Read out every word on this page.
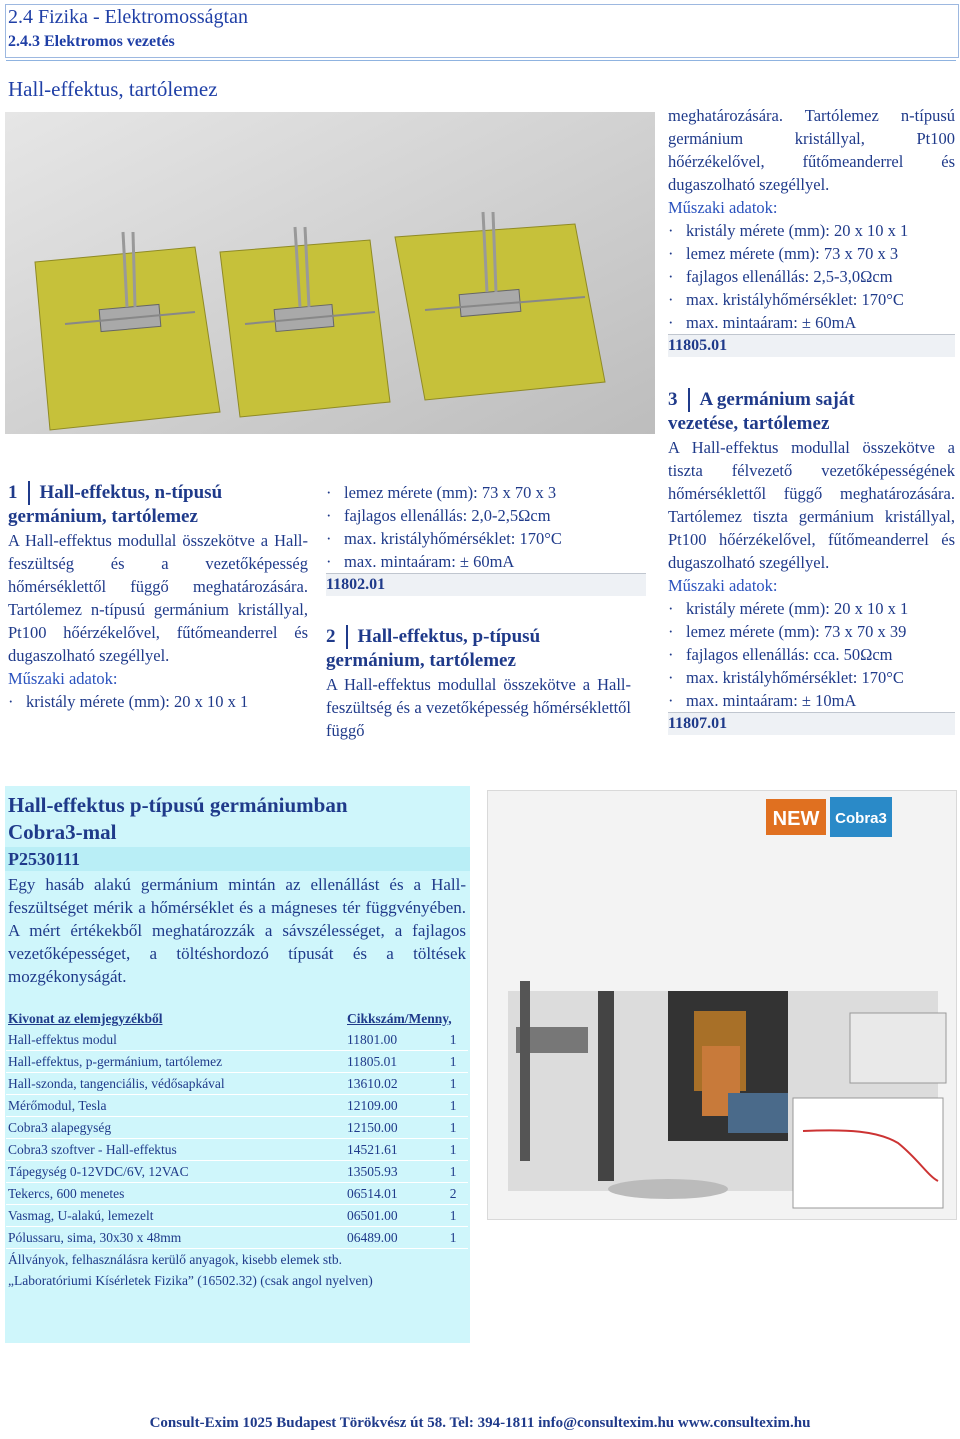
2.4 Fizika - Elektromosságtan
2.4.3 Elektromos vezetés
Hall-effektus, tartólemez
1 Hall-effektus, n-típusú
germánium, tartólemez

A Hall-effektus modullal összekötve a Hall-feszültség és a vezetőképesség hőmérséklettől függő meghatározására. Tartólemez n-típusú germánium kristállyal, Pt100 hőérzékelővel, fűtőmeanderrel és dugaszolható szegéllyel.

Műszaki adatok:

· kristály mérete (mm): 20 x 10 x 1

· lemez mérete (mm): 73 x 70 x 3

· fajlagos ellenállás: 2,0-2,5Ωcm

· max. kristályhőmérséklet: 170°C

· max. mintaáram: ± 60mA

11802.01
2 Hall-effektus, p-típusú
germánium, tartólemez

A Hall-effektus modullal összekötve a Hall-feszültség és a vezetőképesség hőmérséklettől függő

meghatározására. Tartólemez n-típusú germánium kristállyal, Pt100 hőérzékelővel, fűtőmeanderrel és dugaszolható szegéllyel.

Műszaki adatok:

· kristály mérete (mm): 20 x 10 x 1

· lemez mérete (mm): 73 x 70 x 3

· fajlagos ellenállás: 2,5-3,0Ωcm

· max. kristályhőmérséklet: 170°C

· max. mintaáram: ± 60mA

11805.01
3 A germánium saját
vezetése, tartólemez

A Hall-effektus modullal összekötve a tiszta félvezető vezetőképességének hőmérséklettől függő meghatározására. Tartólemez tiszta germánium kristállyal, Pt100 hőérzékelővel, fűtőmeanderrel és dugaszolható szegéllyel.

Műszaki adatok:

· kristály mérete (mm): 20 x 10 x 1

· lemez mérete (mm): 73 x 70 x 39

· fajlagos ellenállás: cca. 50Ωcm

· max. kristályhőmérséklet: 170°C

· max. mintaáram: ± 10mA

11807.01
Hall-effektus p-típusú germániumban
Cobra3-mal
P2530111
Egy hasáb alakú germánium mintán az ellenállást és a Hall-feszültséget mérik a hőmérséklet és a mágneses tér függvényében. A mért értékekből meghatározzák a sávszélességet, a fajlagos vezetőképességet, a töltéshordozó típusát és a töltések mozgékonyságát.
Kivonat az elemjegyzékből	Cikkszám/Menny,	
Hall-effektus modul	11801.00	1
Hall-effektus, p-germánium, tartólemez	11805.01	1
Hall-szonda, tangenciális, védősapkával	13610.02	1
Mérőmodul, Tesla	12109.00	1
Cobra3 alapegység	12150.00	1
Cobra3 szoftver - Hall-effektus	14521.61	1
Tápegység 0-12VDC/6V, 12VAC	13505.93	1
Tekercs, 600 menetes	06514.01	2
Vasmag, U-alakú, lemezelt	06501.00	1
Pólussaru, sima, 30x30 x 48mm	06489.00	1
Állványok, felhasználásra kerülő anyagok, kisebb elemek stb.		
„Laboratóriumi Kísérletek Fizika” (16502.32) (csak angol nyelven)		
NEW Cobra3
Consult-Exim 1025 Budapest Törökvész út 58. Tel: 394-1811 info@consultexim.hu www.consultexim.hu
